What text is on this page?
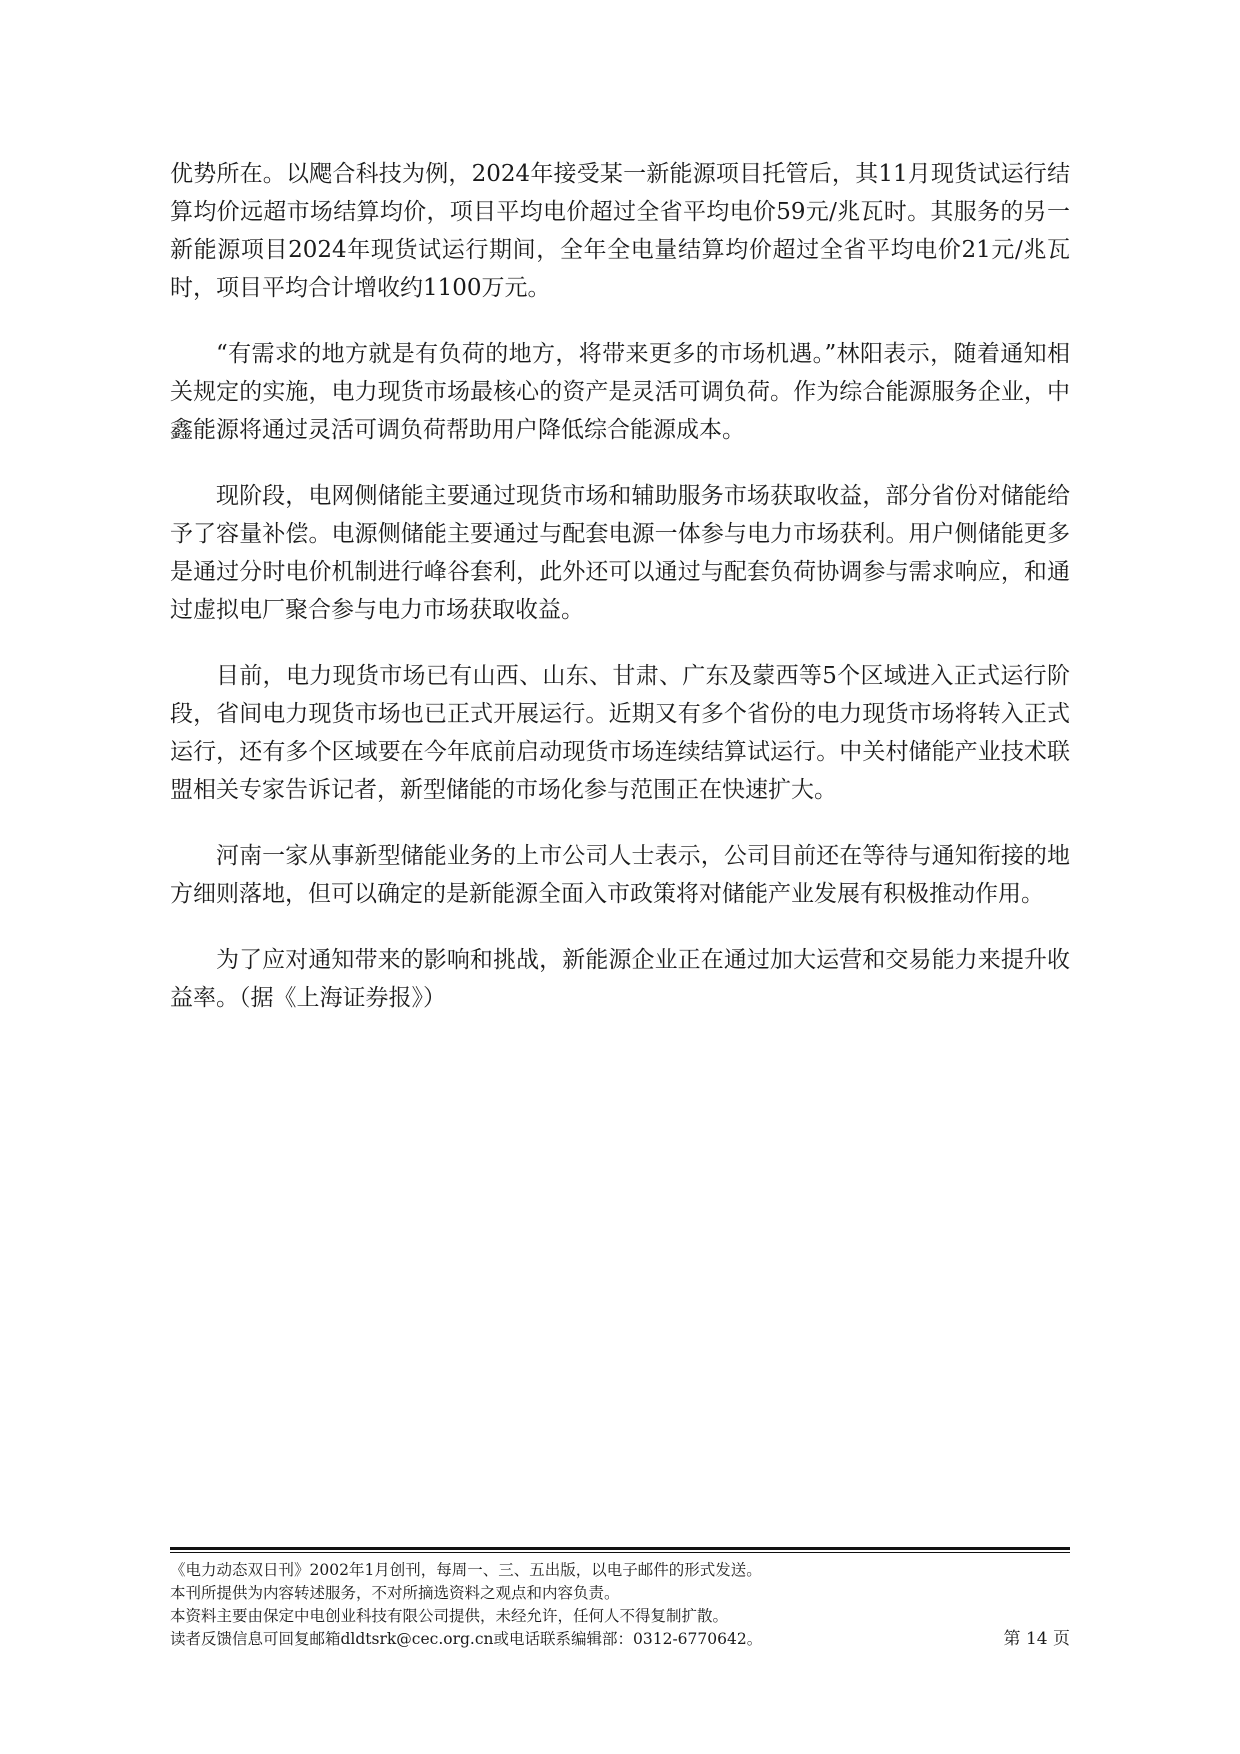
优势所在。以飔合科技为例，2024年接受某一新能源项目托管后，其11月现货试运行结算均价远超市场结算均价，项目平均电价超过全省平均电价59元/兆瓦时。其服务的另一新能源项目2024年现货试运行期间，全年全电量结算均价超过全省平均电价21元/兆瓦时，项目平均合计增收约1100万元。

“有需求的地方就是有负荷的地方，将带来更多的市场机遇。”林阳表示，随着通知相关规定的实施，电力现货市场最核心的资产是灵活可调负荷。作为综合能源服务企业，中鑫能源将通过灵活可调负荷帮助用户降低综合能源成本。

现阶段，电网侧储能主要通过现货市场和辅助服务市场获取收益，部分省份对储能给予了容量补偿。电源侧储能主要通过与配套电源一体参与电力市场获利。用户侧储能更多是通过分时电价机制进行峰谷套利，此外还可以通过与配套负荷协调参与需求响应，和通过虚拟电厂聚合参与电力市场获取收益。

目前，电力现货市场已有山西、山东、甘肃、广东及蒙西等5个区域进入正式运行阶段，省间电力现货市场也已正式开展运行。近期又有多个省份的电力现货市场将转入正式运行，还有多个区域要在今年底前启动现货市场连续结算试运行。中关村储能产业技术联盟相关专家告诉记者，新型储能的市场化参与范围正在快速扩大。

河南一家从事新型储能业务的上市公司人士表示，公司目前还在等待与通知衔接的地方细则落地，但可以确定的是新能源全面入市政策将对储能产业发展有积极推动作用。

为了应对通知带来的影响和挑战，新能源企业正在通过加大运营和交易能力来提升收益率。（据《上海证券报》）

《电力动态双日刊》2002年1月创刊，每周一、三、五出版，以电子邮件的形式发送。
本刊所提供为内容转述服务，不对所摘选资料之观点和内容负责。
本资料主要由保定中电创业科技有限公司提供，未经允许，任何人不得复制扩散。
读者反馈信息可回复邮箱dldtsrk@cec.org.cn或电话联系编辑部：0312-6770642。	第 14 页
